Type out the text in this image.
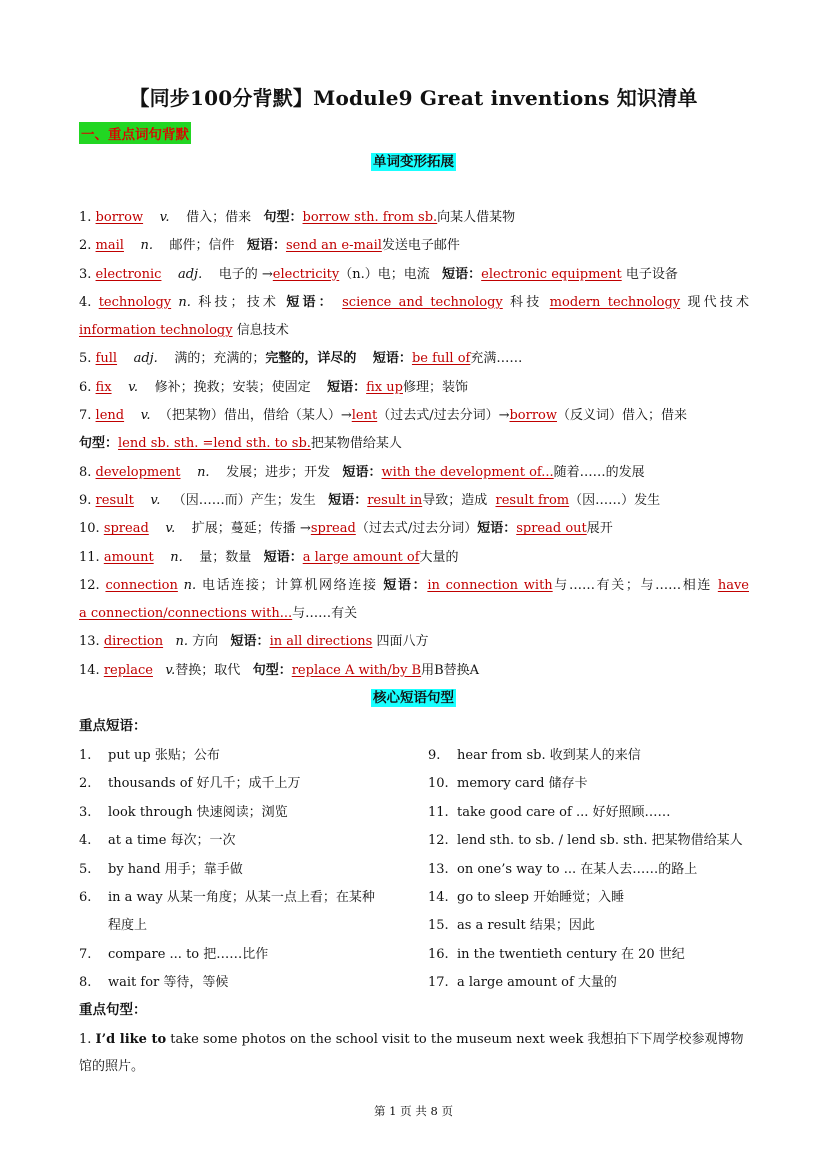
【同步100分背默】Module9 Great inventions 知识清单
一、重点词句背默
单词变形拓展
1. borrow v. 借入；借来 句型：borrow sth. from sb.向某人借某物
2. mail n. 邮件；信件 短语：send an e-mail发送电子邮件
3. electronic adj. 电子的 →electricity（n.）电；电流 短语：electronic equipment 电子设备
4. technology n. 科技；技术 短语： science and technology 科技 modern technology 现代技术
information technology 信息技术
5. full adj. 满的；充满的；完整的，详尽的 短语：be full of充满……
6. fix v. 修补；挽救；安装；使固定 短语：fix up修理；装饰
7. lend v. （把某物）借出，借给（某人）→lent（过去式/过去分词）→borrow（反义词）借入；借来
句型：lend sb. sth. =lend sth. to sb.把某物借给某人
8. development n. 发展；进步；开发 短语：with the development of...随着……的发展
9. result v. （因……而）产生；发生 短语：result in导致；造成 result from（因……）发生
10. spread v. 扩展；蔓延；传播 →spread（过去式/过去分词）短语：spread out展开
11. amount n. 量；数量 短语：a large amount of大量的
12. connection n. 电话连接；计算机网络连接 短语：in connection with与……有关；与……相连 have
a connection/connections with...与……有关
13. direction n. 方向 短语：in all directions 四面八方
14. replace v.替换；取代 句型：replace A with/by B用B替换A
核心短语句型
重点短语：
1.	put up 张贴；公布
2.	thousands of 好几千；成千上万
3.	look through 快速阅读；浏览
4.	at a time 每次；一次
5.	by hand 用手；靠手做
6.	in a way 从某一角度；从某一点上看；在某种
程度上
7.	compare ... to 把……比作
8.	wait for 等待，等候
9.	hear from sb. 收到某人的来信
10. memory card 储存卡
11. take good care of ... 好好照顾……
12. lend sth. to sb. / lend sb. sth. 把某物借给某人
13. on one’s way to ... 在某人去……的路上
14. go to sleep 开始睡觉；入睡
15. as a result 结果；因此
16. in the twentieth century 在 20 世纪
17. a large amount of 大量的
重点句型：
1. I’d like to take some photos on the school visit to the museum next week 我想拍下下周学校参观博物馆的照片。
第 1 页 共 8 页
